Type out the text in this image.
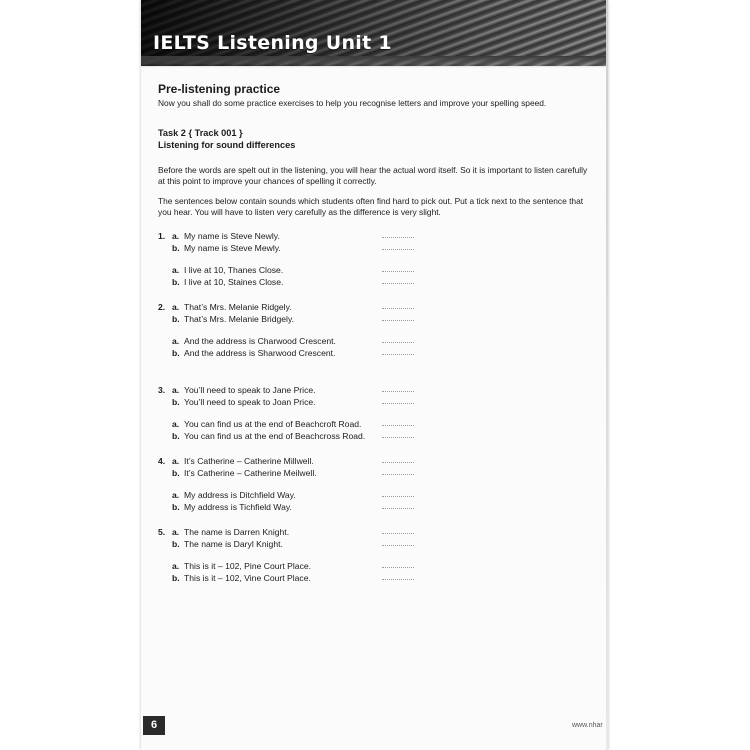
IELTS Listening Unit 1
Pre-listening practice
Now you shall do some practice exercises to help you recognise letters and improve your spelling speed.
Task 2 { Track 001 }
Listening for sound differences
Before the words are spelt out in the listening, you will hear the actual word itself. So it is important to listen carefully at this point to improve your chances of spelling it correctly.
The sentences below contain sounds which students often find hard to pick out. Put a tick next to the sentence that you hear. You will have to listen very carefully as the difference is very slight.
1. a. My name is Steve Newly.
b. My name is Steve Mewly.
a. I live at 10, Thanes Close.
b. I live at 10, Staines Close.
2. a. That’s Mrs. Melanie Ridgely.
b. That’s Mrs. Melanie Bridgely.
a. And the address is Charwood Crescent.
b. And the address is Sharwood Crescent.
3. a. You’ll need to speak to Jane Price.
b. You’ll need to speak to Joan Price.
a. You can find us at the end of Beachcroft Road.
b. You can find us at the end of Beachcross Road.
4. a. It’s Catherine – Catherine Millwell.
b. It’s Catherine – Catherine Meilwell.
a. My address is Ditchfield Way.
b. My address is Tichfield Way.
5. a. The name is Darren Knight.
b. The name is Daryl Knight.
a. This is it – 102, Pine Court Place.
b. This is it – 102, Vine Court Place.
6	www.nhar
